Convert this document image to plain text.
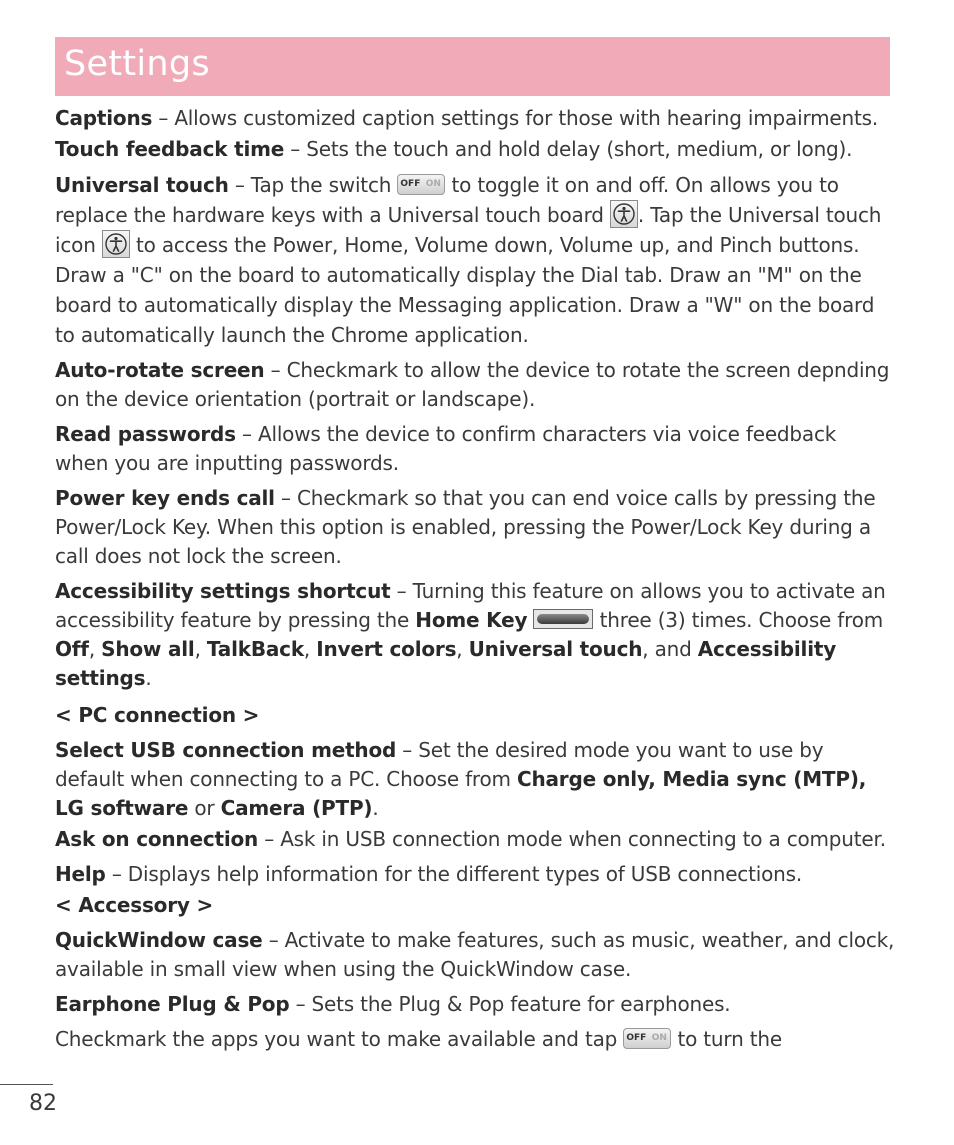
Settings

Captions – Allows customized caption settings for those with hearing impairments.

Touch feedback time – Sets the touch and hold delay (short, medium, or long).

Universal touch – Tap the switch OFF ON to toggle it on and off. On allows you to replace the hardware keys with a Universal touch board
. Tap the Universal touch icon
to access the Power, Home, Volume down, Volume up, and Pinch buttons. Draw a "C" on the board to automatically display the Dial tab. Draw an "M" on the board to automatically display the Messaging application. Draw a "W" on the board to automatically launch the Chrome application.

Auto-rotate screen – Checkmark to allow the device to rotate the screen depnding on the device orientation (portrait or landscape).

Read passwords – Allows the device to confirm characters via voice feedback when you are inputting passwords.

Power key ends call – Checkmark so that you can end voice calls by pressing the Power/Lock Key. When this option is enabled, pressing the Power/Lock Key during a call does not lock the screen.

Accessibility settings shortcut – Turning this feature on allows you to activate an accessibility feature by pressing the Home Key	three (3) times. Choose from Off, Show all, TalkBack, Invert colors, Universal touch, and Accessibility settings.

< PC connection >

Select USB connection method – Set the desired mode you want to use by default when connecting to a PC. Choose from Charge only, Media sync (MTP), LG software or Camera (PTP).

Ask on connection – Ask in USB connection mode when connecting to a computer.

Help – Displays help information for the different types of USB connections.

< Accessory >

QuickWindow case – Activate to make features, such as music, weather, and clock, available in small view when using the QuickWindow case.

Earphone Plug & Pop – Sets the Plug & Pop feature for earphones.

Checkmark the apps you want to make available and tap OFF ON to turn the

82
